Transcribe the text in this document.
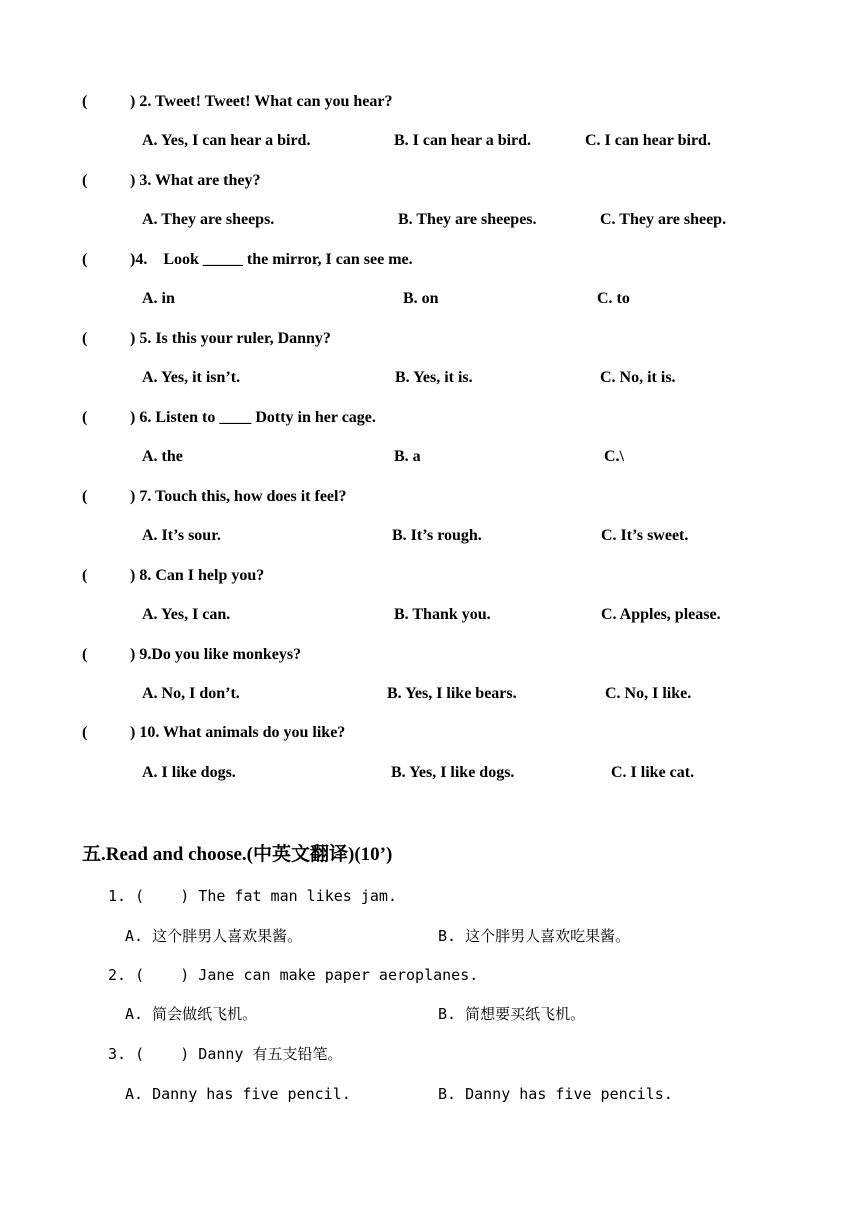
(	) 2. Tweet! Tweet! What can you hear?
A. Yes, I can hear a bird.	B. I can hear a bird.	C. I can hear bird.
(	) 3. What are they?
A. They are sheeps.	B. They are sheepes.	C. They are sheep.
(	)4.    Look _____ the mirror, I can see me.
A. in	B. on	C. to
(	) 5. Is this your ruler, Danny?
A. Yes, it isn’t.	B. Yes, it is.	C. No, it is.
(	) 6. Listen to ____ Dotty in her cage.
A. the	B. a	C.\
(	) 7. Touch this, how does it feel?
A. It’s sour.	B. It’s rough.	C. It’s sweet.
(	) 8. Can I help you?
A. Yes, I can.	B. Thank you.	C. Apples, please.
(	) 9.Do you like monkeys?
A. No, I don’t.	B. Yes, I like bears.	C. No, I like.
(	) 10. What animals do you like?
A. I like dogs.	B. Yes, I like dogs.	C. I like cat.
五.Read and choose.(中英文翻译)(10’)
1. (    ) The fat man likes jam.
A. 这个胖男人喜欢果酱。	B. 这个胖男人喜欢吃果酱。
2. (    ) Jane can make paper aeroplanes.
A. 简会做纸飞机。	B. 简想要买纸飞机。
3. (    ) Danny 有五支铅笔。
A. Danny has five pencil.	B. Danny has five pencils.
